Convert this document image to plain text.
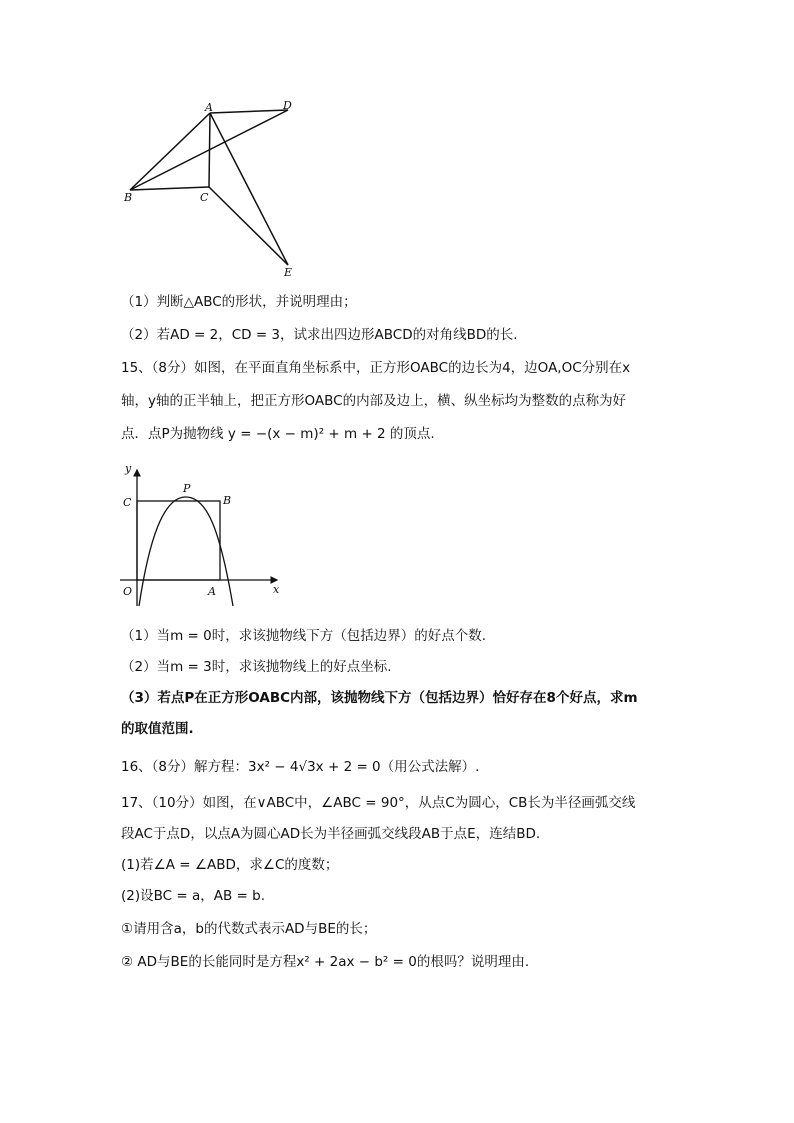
A	D
B	C
E
（1）判断△ABC的形状，并说明理由；
（2）若AD = 2，CD = 3，试求出四边形ABCD的对角线BD的长.
15、（8分）如图，在平面直角坐标系中，正方形OABC的边长为4，边OA,OC分别在x
轴，y轴的正半轴上，把正方形OABC的内部及边上，横、纵坐标均为整数的点称为好
点．点P为抛物线 y = −(x − m)² + m + 2 的顶点.
y
x
C	B
P
O	A
（1）当m = 0时，求该抛物线下方（包括边界）的好点个数.
（2）当m = 3时，求该抛物线上的好点坐标.
（3）若点P在正方形OABC内部，该抛物线下方（包括边界）恰好存在8个好点，求m
的取值范围.
16、（8分）解方程：3x² − 4√3x + 2 = 0（用公式法解）.
17、（10分）如图，在∨ABC中，∠ABC = 90°，从点C为圆心，CB长为半径画弧交线
段AC于点D，以点A为圆心AD长为半径画弧交线段AB于点E，连结BD.
(1)若∠A = ∠ABD，求∠C的度数；
(2)设BC = a，AB = b.
①请用含a，b的代数式表示AD与BE的长；
② AD与BE的长能同时是方程x² + 2ax − b² = 0的根吗？说明理由.
